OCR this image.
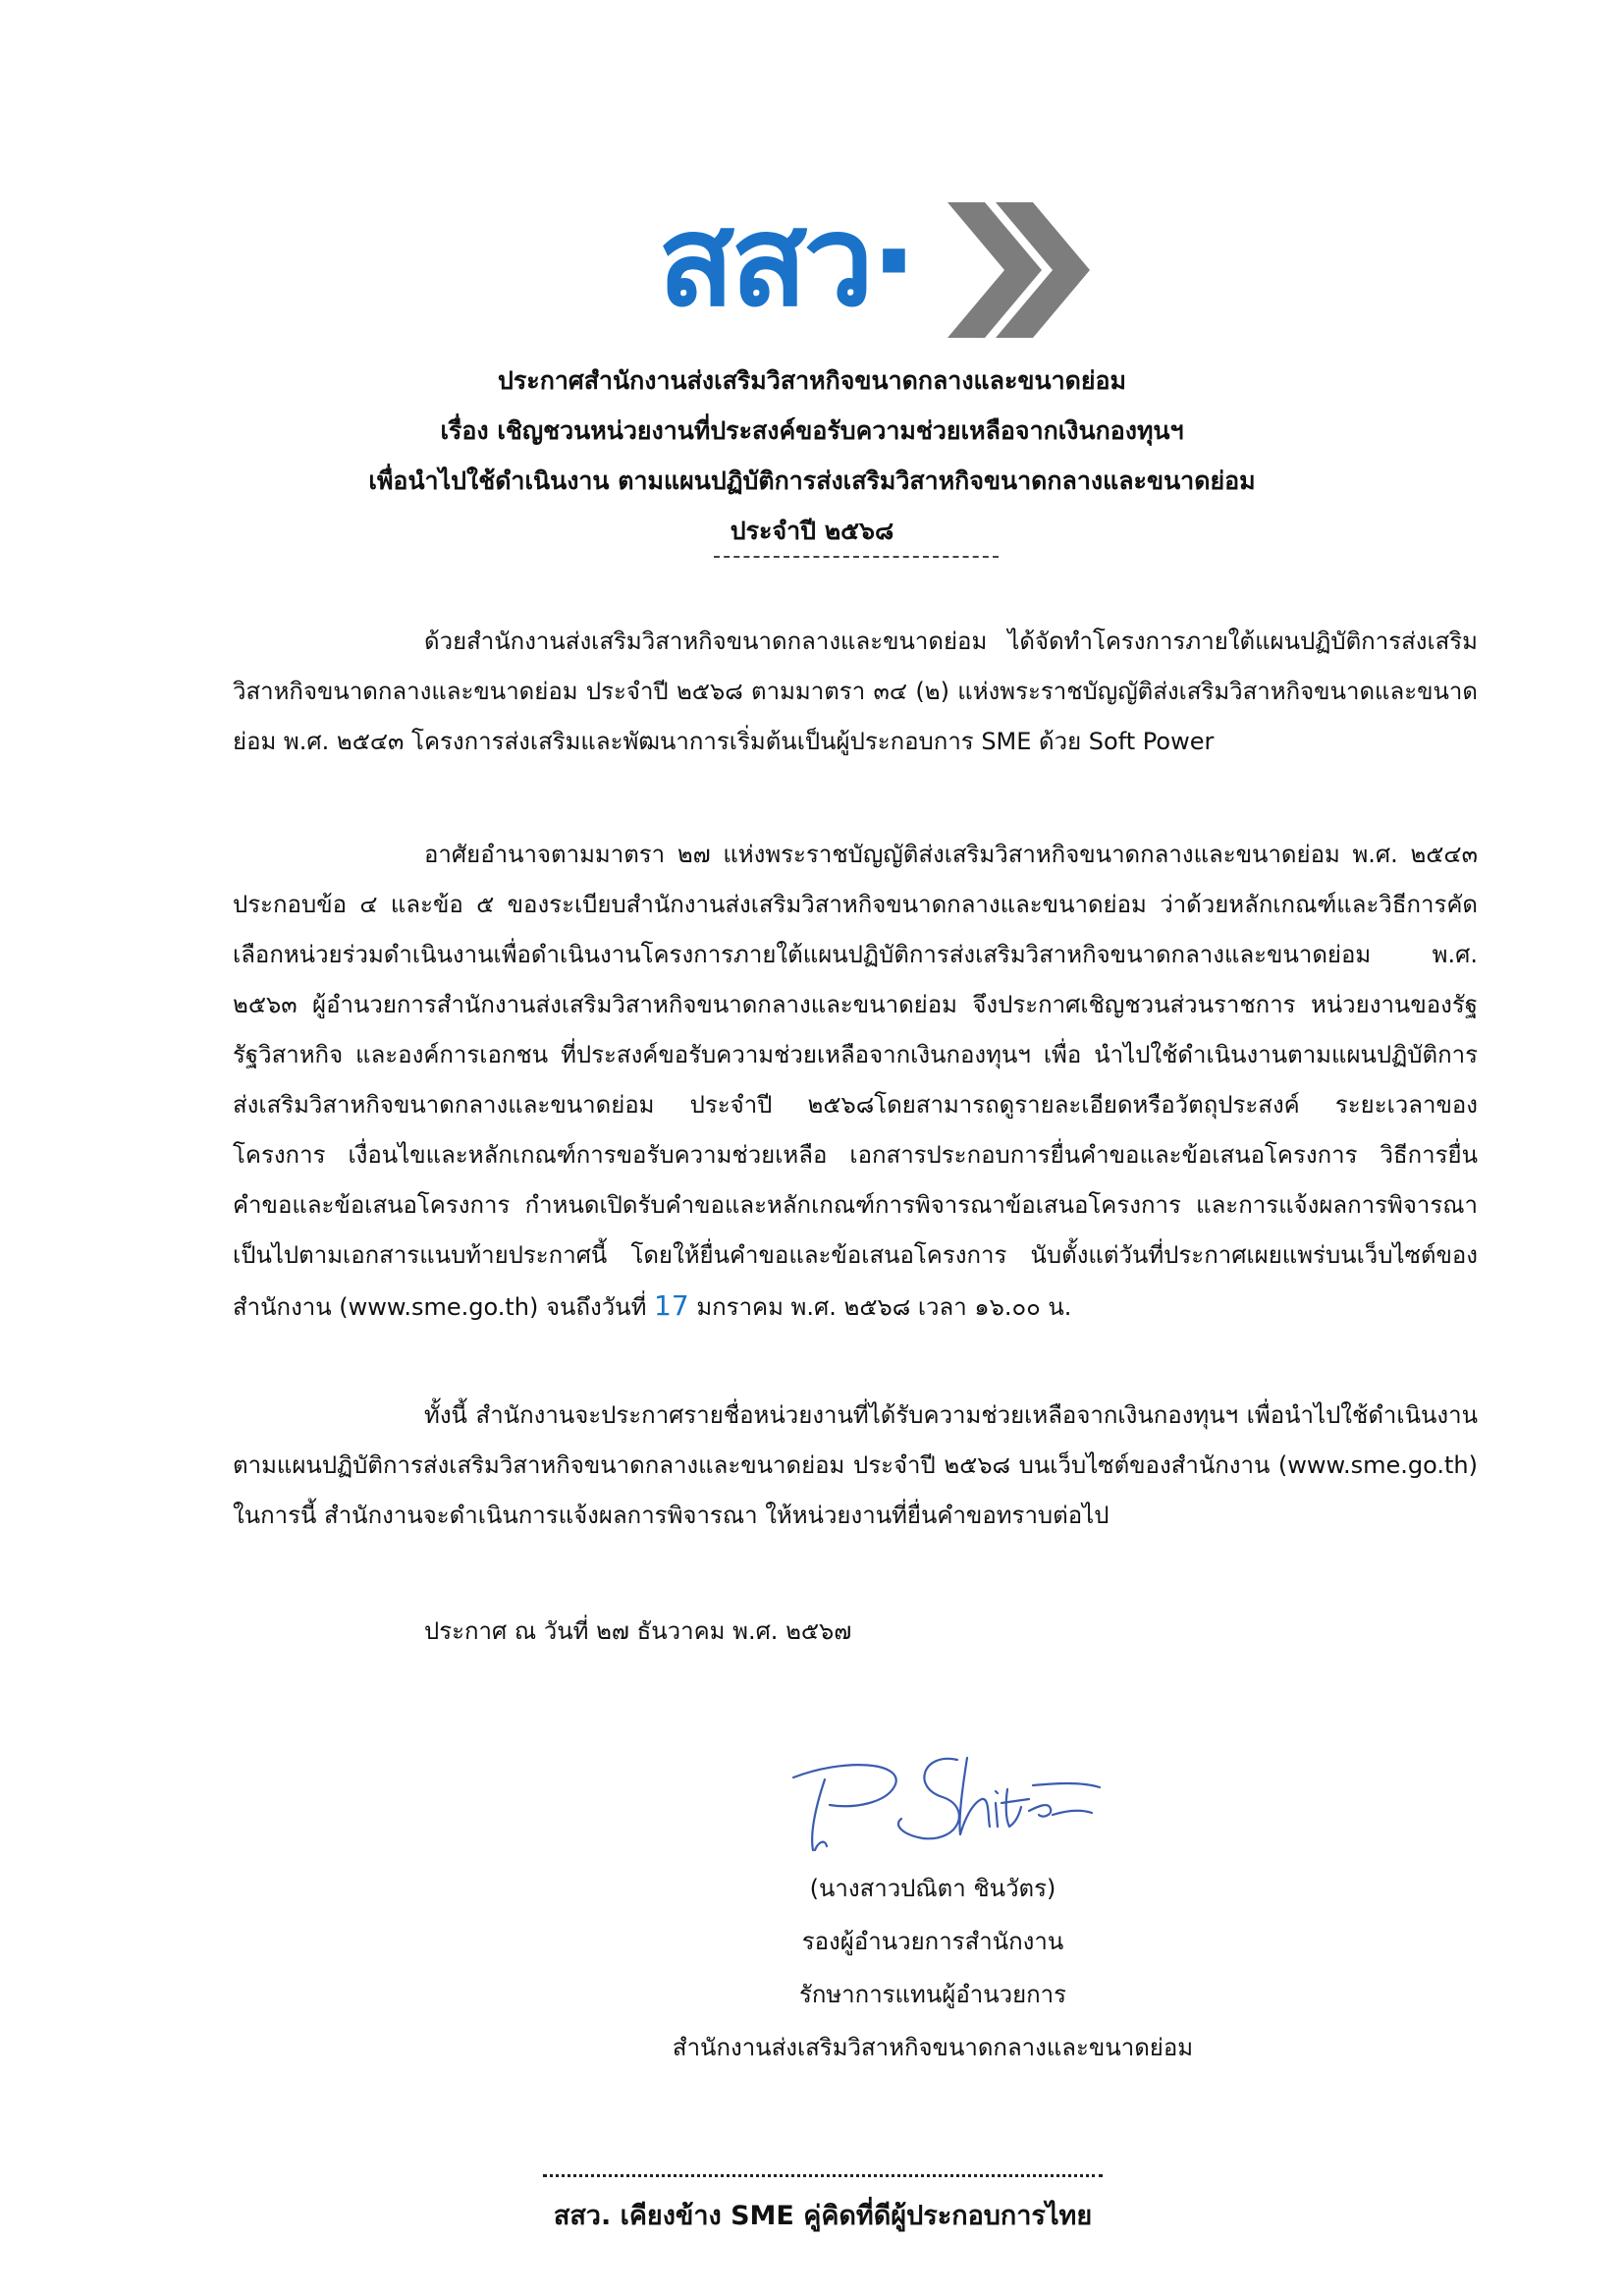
สสว·
ประกาศสำนักงานส่งเสริมวิสาหกิจขนาดกลางและขนาดย่อม
เรื่อง เชิญชวนหน่วยงานที่ประสงค์ขอรับความช่วยเหลือจากเงินกองทุนฯ
เพื่อนำไปใช้ดำเนินงาน ตามแผนปฏิบัติการส่งเสริมวิสาหกิจขนาดกลางและขนาดย่อม
ประจำปี ๒๕๖๘
ด้วยสำนักงานส่งเสริมวิสาหกิจขนาดกลางและขนาดย่อม ได้จัดทำโครงการภายใต้แผนปฏิบัติการส่งเสริมวิสาหกิจขนาดกลางและขนาดย่อม ประจำปี ๒๕๖๘ ตามมาตรา ๓๔ (๒) แห่งพระราชบัญญัติส่งเสริมวิสาหกิจขนาดและขนาดย่อม พ.ศ. ๒๕๔๓ โครงการส่งเสริมและพัฒนาการเริ่มต้นเป็นผู้ประกอบการ SME ด้วย Soft Power
อาศัยอำนาจตามมาตรา ๒๗ แห่งพระราชบัญญัติส่งเสริมวิสาหกิจขนาดกลางและขนาดย่อม พ.ศ. ๒๕๔๓ ประกอบข้อ ๔ และข้อ ๕ ของระเบียบสำนักงานส่งเสริมวิสาหกิจขนาดกลางและขนาดย่อม ว่าด้วยหลักเกณฑ์และวิธีการคัดเลือกหน่วยร่วมดำเนินงานเพื่อดำเนินงานโครงการภายใต้แผนปฏิบัติการส่งเสริมวิสาหกิจขนาดกลางและขนาดย่อม พ.ศ. ๒๕๖๓ ผู้อำนวยการสำนักงานส่งเสริมวิสาหกิจขนาดกลางและขนาดย่อม จึงประกาศเชิญชวนส่วนราชการ หน่วยงานของรัฐ รัฐวิสาหกิจ และองค์การเอกชน ที่ประสงค์ขอรับความช่วยเหลือจากเงินกองทุนฯ เพื่อ นำไปใช้ดำเนินงานตามแผนปฏิบัติการส่งเสริมวิสาหกิจขนาดกลางและขนาดย่อม ประจำปี ๒๕๖๘โดยสามารถดูรายละเอียดหรือวัตถุประสงค์ ระยะเวลาของโครงการ เงื่อนไขและหลักเกณฑ์การขอรับความช่วยเหลือ เอกสารประกอบการยื่นคำขอและข้อเสนอโครงการ วิธีการยื่นคำขอและข้อเสนอโครงการ กำหนดเปิดรับคำขอและหลักเกณฑ์การพิจารณาข้อเสนอโครงการ และการแจ้งผลการพิจารณาเป็นไปตามเอกสารแนบท้ายประกาศนี้ โดยให้ยื่นคำขอและข้อเสนอโครงการ นับตั้งแต่วันที่ประกาศเผยแพร่บนเว็บไซต์ของสำนักงาน (www.sme.go.th) จนถึงวันที่ 17 มกราคม พ.ศ. ๒๕๖๘ เวลา ๑๖.๐๐ น.
ทั้งนี้ สำนักงานจะประกาศรายชื่อหน่วยงานที่ได้รับความช่วยเหลือจากเงินกองทุนฯ เพื่อนำไปใช้ดำเนินงานตามแผนปฏิบัติการส่งเสริมวิสาหกิจขนาดกลางและขนาดย่อม ประจำปี ๒๕๖๘ บนเว็บไซต์ของสำนักงาน (www.sme.go.th) ในการนี้ สำนักงานจะดำเนินการแจ้งผลการพิจารณา ให้หน่วยงานที่ยื่นคำขอทราบต่อไป
ประกาศ ณ วันที่ ๒๗ ธันวาคม พ.ศ. ๒๕๖๗
(นางสาวปณิตา ชินวัตร)
รองผู้อำนวยการสำนักงาน
รักษาการแทนผู้อำนวยการ
สำนักงานส่งเสริมวิสาหกิจขนาดกลางและขนาดย่อม
สสว. เคียงข้าง SME คู่คิดที่ดีผู้ประกอบการไทย
